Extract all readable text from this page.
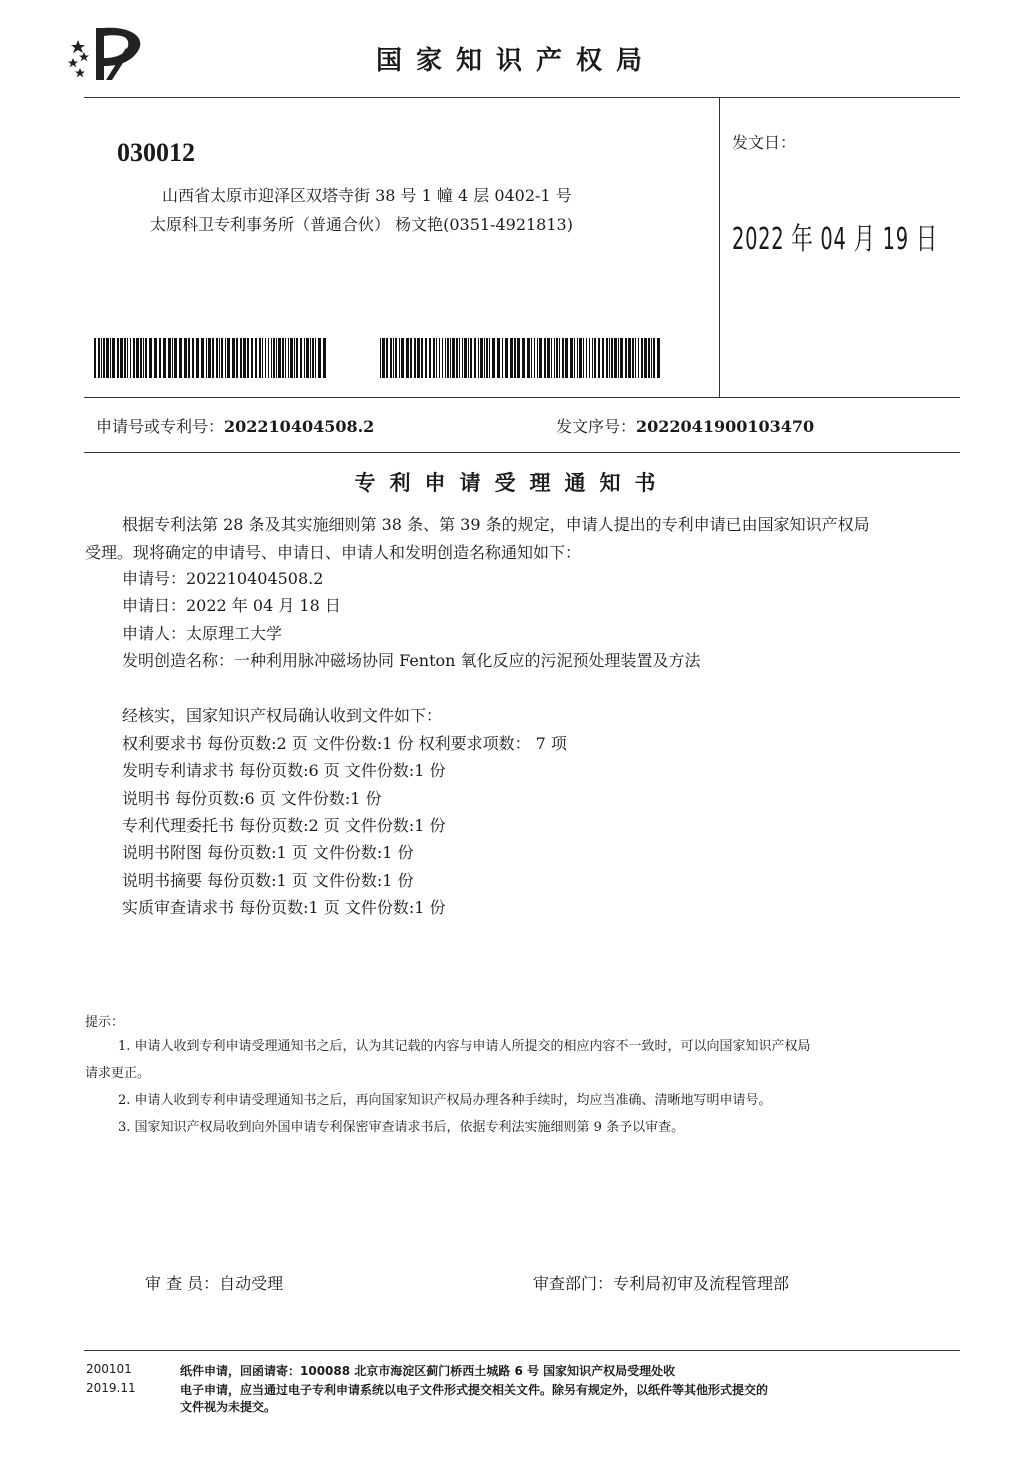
国家知识产权局
030012
山西省太原市迎泽区双塔寺街 38 号 1 幢 4 层 0402-1 号
太原科卫专利事务所（普通合伙） 杨文艳(0351-4921813)
发文日：
2022 年 04 月 19 日
申请号或专利号：202210404508.2	发文序号：2022041900103470
专利申请受理通知书
根据专利法第 28 条及其实施细则第 38 条、第 39 条的规定，申请人提出的专利申请已由国家知识产权局
受理。现将确定的申请号、申请日、申请人和发明创造名称通知如下：
申请号：202210404508.2
申请日：2022 年 04 月 18 日
申请人：太原理工大学
发明创造名称：一种利用脉冲磁场协同 Fenton 氧化反应的污泥预处理装置及方法
经核实，国家知识产权局确认收到文件如下：
权利要求书 每份页数:2 页 文件份数:1 份 权利要求项数： 7 项
发明专利请求书 每份页数:6 页 文件份数:1 份
说明书 每份页数:6 页 文件份数:1 份
专利代理委托书 每份页数:2 页 文件份数:1 份
说明书附图 每份页数:1 页 文件份数:1 份
说明书摘要 每份页数:1 页 文件份数:1 份
实质审查请求书 每份页数:1 页 文件份数:1 份
提示：
1. 申请人收到专利申请受理通知书之后，认为其记载的内容与申请人所提交的相应内容不一致时，可以向国家知识产权局
请求更正。
2. 申请人收到专利申请受理通知书之后，再向国家知识产权局办理各种手续时，均应当准确、清晰地写明申请号。
3. 国家知识产权局收到向外国申请专利保密审查请求书后，依据专利法实施细则第 9 条予以审查。
审 查 员：自动受理	审查部门：专利局初审及流程管理部
200101
2019.11
纸件申请，回函请寄：100088 北京市海淀区蓟门桥西土城路 6 号 国家知识产权局受理处收
电子申请，应当通过电子专利申请系统以电子文件形式提交相关文件。除另有规定外，以纸件等其他形式提交的
文件视为未提交。
